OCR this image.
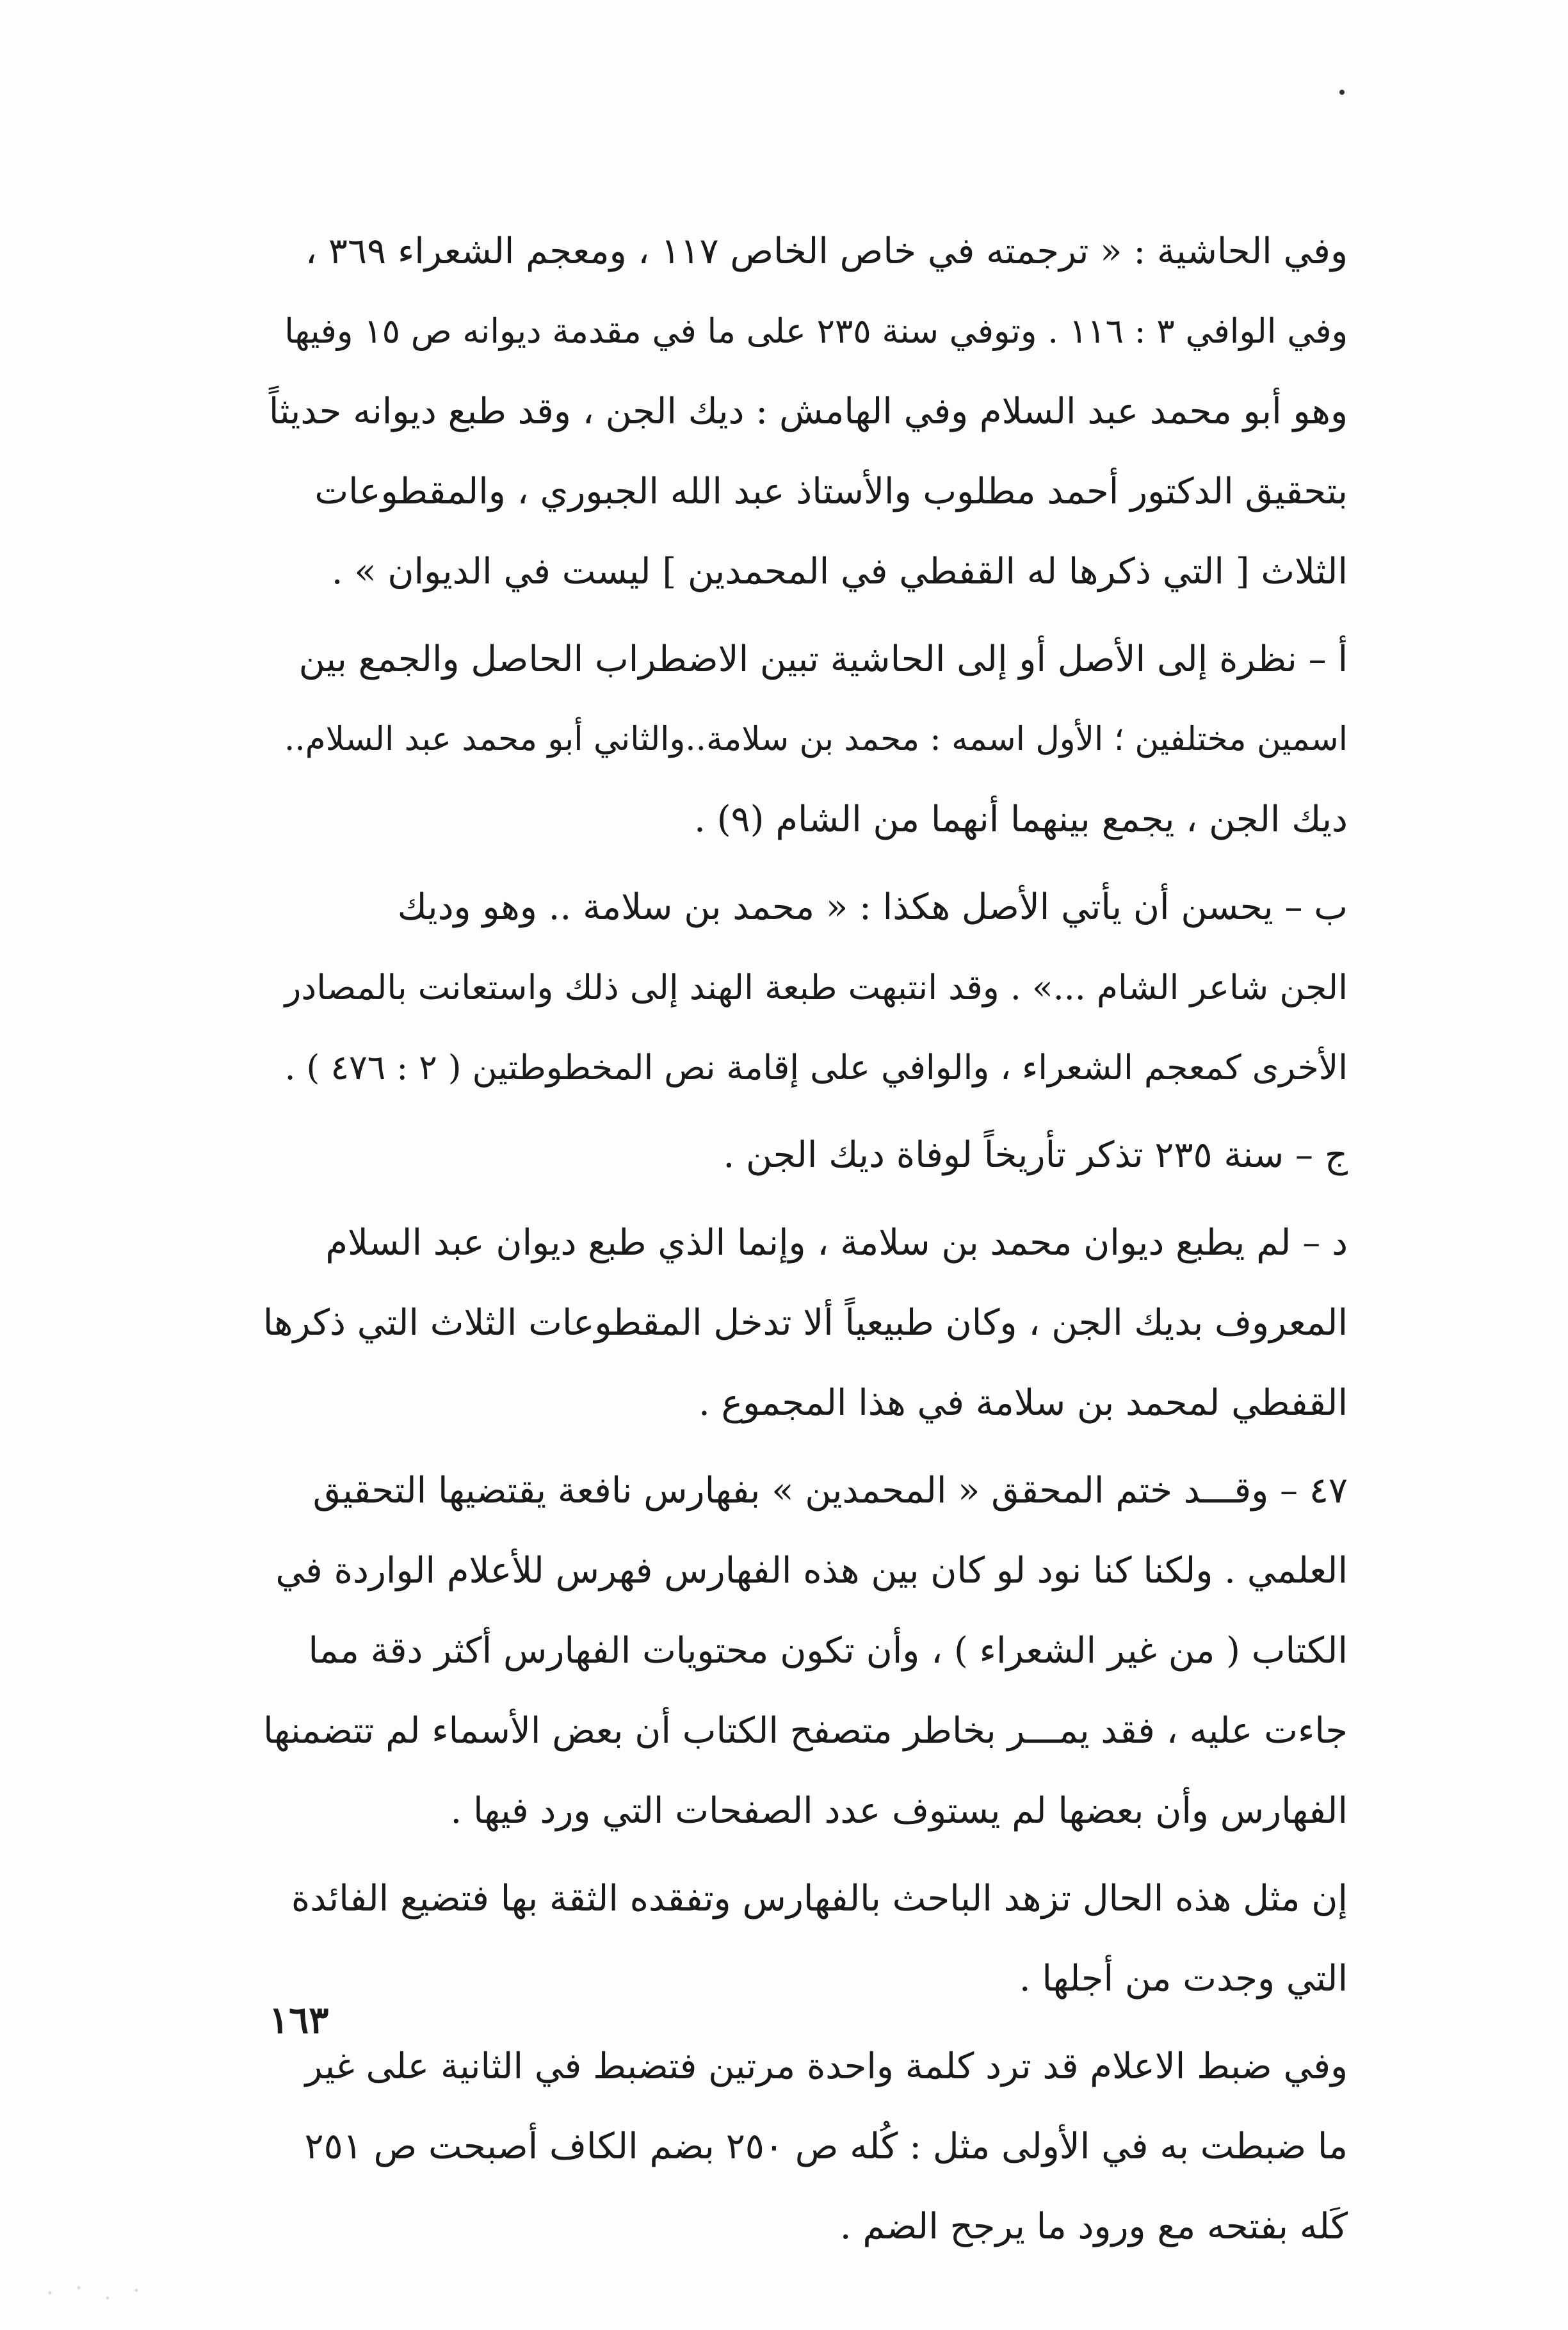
وفي الحاشية : « ترجمته في خاص الخاص ١١٧ ، ومعجم الشعراء ٣٦٩ ،
وفي الوافي ٣ : ١١٦ . وتوفي سنة ٢٣٥ على ما في مقدمة ديوانه ص ١٥ وفيها
وهو أبو محمد عبد السلام وفي الهامش : ديك الجن ، وقد طبع ديوانه حديثاً
بتحقيق الدكتور أحمد مطلوب والأستاذ عبد الله الجبوري ، والمقطوعات
الثلاث [ التي ذكرها له القفطي في المحمدين ] ليست في الديوان » .
أ – نظرة إلى الأصل أو إلى الحاشية تبين الاضطراب الحاصل والجمع بين
اسمين مختلفين ؛ الأول اسمه : محمد بن سلامة..والثاني أبو محمد عبد السلام..
ديك الجن ، يجمع بينهما أنهما من الشام (٩) .
ب – يحسن أن يأتي الأصل هكذا : « محمد بن سلامة .. وهو وديك
الجن شاعر الشام ...» . وقد انتبهت طبعة الهند إلى ذلك واستعانت بالمصادر
الأخرى كمعجم الشعراء ، والوافي على إقامة نص المخطوطتين ( ٢ : ٤٧٦ ) .
ج – سنة ٢٣٥ تذكر تأريخاً لوفاة ديك الجن .
د – لم يطبع ديوان محمد بن سلامة ، وإنما الذي طبع ديوان عبد السلام
المعروف بديك الجن ، وكان طبيعياً ألا تدخل المقطوعات الثلاث التي ذكرها
القفطي لمحمد بن سلامة في هذا المجموع .
٤٧ – وقـــد ختم المحقق « المحمدين » بفهارس نافعة يقتضيها التحقيق
العلمي . ولكنا كنا نود لو كان بين هذه الفهارس فهرس للأعلام الواردة في
الكتاب ( من غير الشعراء ) ، وأن تكون محتويات الفهارس أكثر دقة مما
جاءت عليه ، فقد يمـــر بخاطر متصفح الكتاب أن بعض الأسماء لم تتضمنها
الفهارس وأن بعضها لم يستوف عدد الصفحات التي ورد فيها .
إن مثل هذه الحال تزهد الباحث بالفهارس وتفقده الثقة بها فتضيع الفائدة
التي وجدت من أجلها .
وفي ضبط الاعلام قد ترد كلمة واحدة مرتين فتضبط في الثانية على غير
ما ضبطت به في الأولى مثل : كُله ص ٢٥٠ بضم الكاف أصبحت ص ٢٥١
كَله بفتحه مع ورود ما يرجح الضم .
١٦٣
